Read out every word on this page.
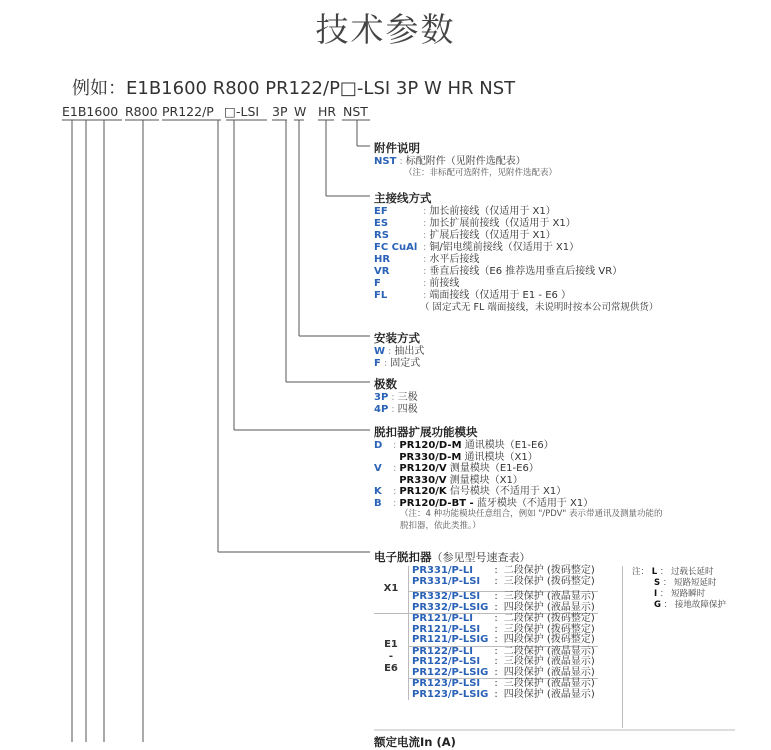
技术参数
例如：E1B1600 R800 PR122/P□-LSI 3P W HR NST
E1B1600 R800 PR122/P □ -LSI 3P W HR NST
附件说明
NST : 标配附件（见附件选配表）
（注：非标配可选附件，见附件选配表）
主接线方式
EF	: 加长前接线（仅适用于 X1）
ES	: 加长扩展前接线（仅适用于 X1）
RS	: 扩展后接线（仅适用于 X1）
FC CuAl : 铜/铝电缆前接线（仅适用于 X1）
HR	: 水平后接线
VR	: 垂直后接线（E6 推荐选用垂直后接线 VR）
F	: 前接线
FL	: 端面接线（仅适用于 E1 - E6 ）
（ 固定式无 FL 端面接线，未说明时按本公司常规供货）
安装方式
W : 抽出式
F : 固定式
极数
3P : 三极
4P : 四极
脱扣器扩展功能模块
D : PR120/D-M 通讯模块（E1-E6）
PR330/D-M 通讯模块（X1）
V : PR120/V 测量模块（E1-E6）
PR330/V 测量模块（X1）
K : PR120/K 信号模块（不适用于 X1）
B : PR120/D-BT - 蓝牙模块（不适用于 X1）
（注：4 种功能模块任意组合，例如 "/PDV" 表示带通讯及测量功能的
脱扣器，依此类推。）
电子脱扣器（参见型号速查表）
X1	PR331/P-LI	:	二段保护 (拨码整定)
	PR331/P-LSI	:	三段保护 (拨码整定)

	PR332/P-LSI	:	三段保护 (液晶显示)
	PR332/P-LSIG	:	四段保护 (液晶显示)
E1
-
E6	PR121/P-LI	:	二段保护 (拨码整定)
	PR121/P-LSI	:	三段保护 (拨码整定)
	PR121/P-LSIG	:	四段保护 (拨码整定)
	PR122/P-LI	:	二段保护 (液晶显示)
	PR122/P-LSI	:	三段保护 (液晶显示)
	PR122/P-LSIG	:	四段保护 (液晶显示)
	PR123/P-LSI	:	三段保护 (液晶显示)
	PR123/P-LSIG	:	四段保护 (液晶显示)
注： L ： 过载长延时
S ： 短路短延时
I ： 短路瞬时
G ： 接地故障保护
额定电流In (A)
